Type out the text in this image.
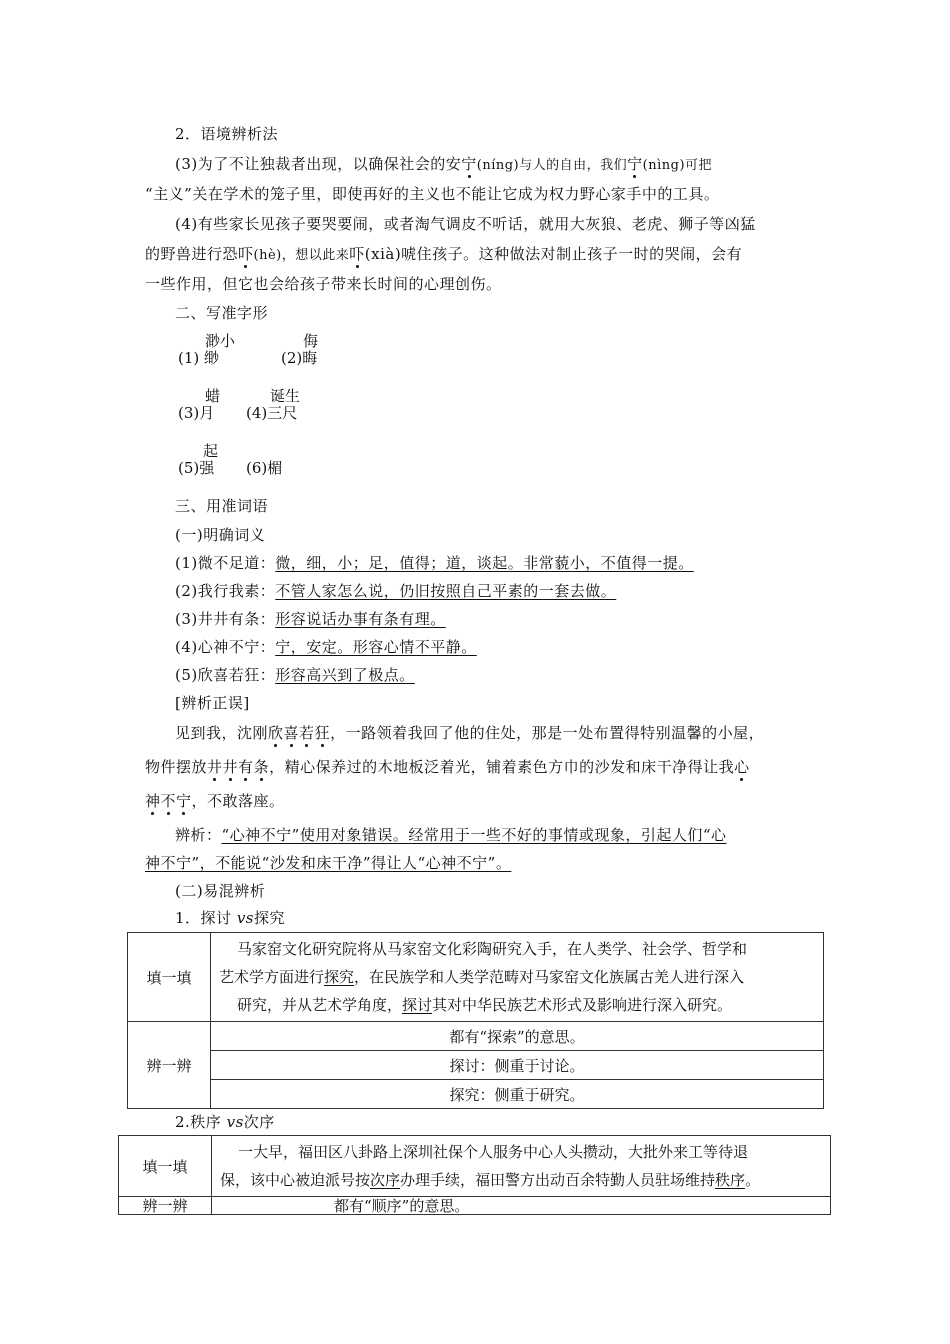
2．语境辨析法
(3)为了不让独裁者出现，以确保社会的安宁(níng)与人的自由，我们宁(nìng)可把
“主义”关在学术的笼子里，即使再好的主义也不能让它成为权力野心家手中的工具。
(4)有些家长见孩子要哭要闹，或者淘气调皮不听话，就用大灰狼、老虎、狮子等凶猛
的野兽进行恐吓(hè)，想以此来吓(xià)唬住孩子。这种做法对制止孩子一时的哭闹，会有
一些作用，但它也会给孩子带来长时间的心理创伤。
二、写准字形
渺小	侮
(1) 缈	(2)晦
蜡	诞生
(3)月 (4)三尺
起
(5)强 (6)楣
三、用准词语
(一)明确词义
(1)微不足道：微，细，小；足，值得；道，谈起。非常藐小，不值得一提。
(2)我行我素：不管人家怎么说，仍旧按照自己平素的一套去做。
(3)井井有条：形容说话办事有条有理。
(4)心神不宁：宁，安定。形容心情不平静。
(5)欣喜若狂：形容高兴到了极点。
[辨析正误]
见到我，沈刚欣喜若狂，一路领着我回了他的住处，那是一处布置得特别温馨的小屋，
物件摆放井井有条，精心保养过的木地板泛着光，铺着素色方巾的沙发和床干净得让我心
神不宁，不敢落座。
辨析：“心神不宁”使用对象错误。经常用于一些不好的事情或现象，引起人们“心
神不宁”，不能说“沙发和床干净”得让人“心神不宁”。
(二)易混辨析
1．探讨 vs探究
填一填	马家窑文化研究院将从马家窑文化彩陶研究入手，在人类学、社会学、哲学和
艺术学方面进行探究，在民族学和人类学范畴对马家窑文化族属古羌人进行深入
研究，并从艺术学角度，探讨其对中华民族艺术形式及影响进行深入研究。

辨一辨	都有“探索”的意思。
	探讨：侧重于讨论。
	探究：侧重于研究。
2.秩序 vs次序
填一填	一大早，福田区八卦路上深圳社保个人服务中心人头攒动，大批外来工等待退
保，该中心被迫派号按次序办理手续，福田警方出动百余特勤人员驻场维持秩序。

辨一辨	都有“顺序”的意思。
